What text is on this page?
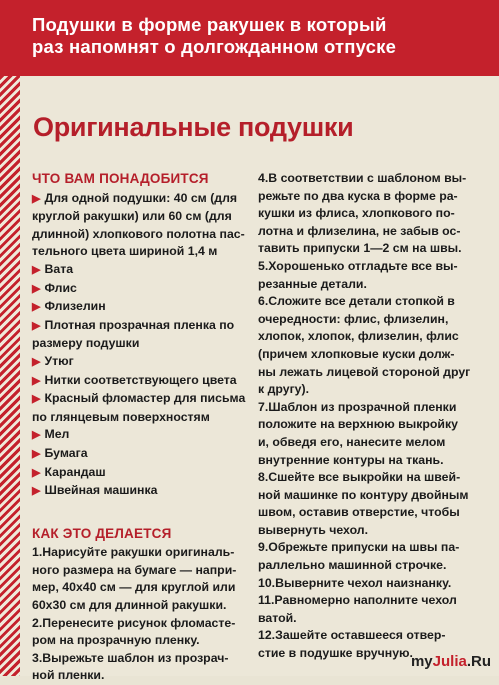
Подушки в форме ракушек в который
раз напомнят о долгожданном отпуске
Оригинальные подушки
ЧТО ВАМ ПОНАДОБИТСЯ
▶ Для одной подушки: 40 см (для
круглой ракушки) или 60 см (для
длинной) хлопкового полотна пас-
тельного цвета шириной 1,4 м
▶ Вата
▶ Флис
▶ Флизелин
▶ Плотная прозрачная пленка по
размеру подушки
▶ Утюг
▶ Нитки соответствующего цвета
▶ Красный фломастер для письма
по глянцевым поверхностям
▶ Мел
▶ Бумага
▶ Карандаш
▶ Швейная машинка
КАК ЭТО ДЕЛАЕТСЯ
1.Нарисуйте ракушки оригиналь-
ного размера на бумаге — напри-
мер, 40x40 см — для круглой или
60x30 см для длинной ракушки.
2.Перенесите рисунок фломасте-
ром на прозрачную пленку.
3.Вырежьте шаблон из прозрач-
ной пленки.
4.В соответствии с шаблоном вы-
режьте по два куска в форме ра-
кушки из флиса, хлопкового по-
лотна и флизелина, не забыв ос-
тавить припуски 1—2 см на швы.
5.Хорошенько отгладьте все вы-
резанные детали.
6.Сложите все детали стопкой в
очередности: флис, флизелин,
хлопок, хлопок, флизелин, флис
(причем хлопковые куски долж-
ны лежать лицевой стороной друг
к другу).
7.Шаблон из прозрачной пленки
положите на верхнюю выкройку
и, обведя его, нанесите мелом
внутренние контуры на ткань.
8.Сшейте все выкройки на швей-
ной машинке по контуру двойным
швом, оставив отверстие, чтобы
вывернуть чехол.
9.Обрежьте припуски на швы па-
раллельно машинной строчке.
10.Выверните чехол наизнанку.
11.Равномерно наполните чехол
ватой.
12.Зашейте оставшееся отвер-
стие в подушке вручную.
myJulia.Ru
